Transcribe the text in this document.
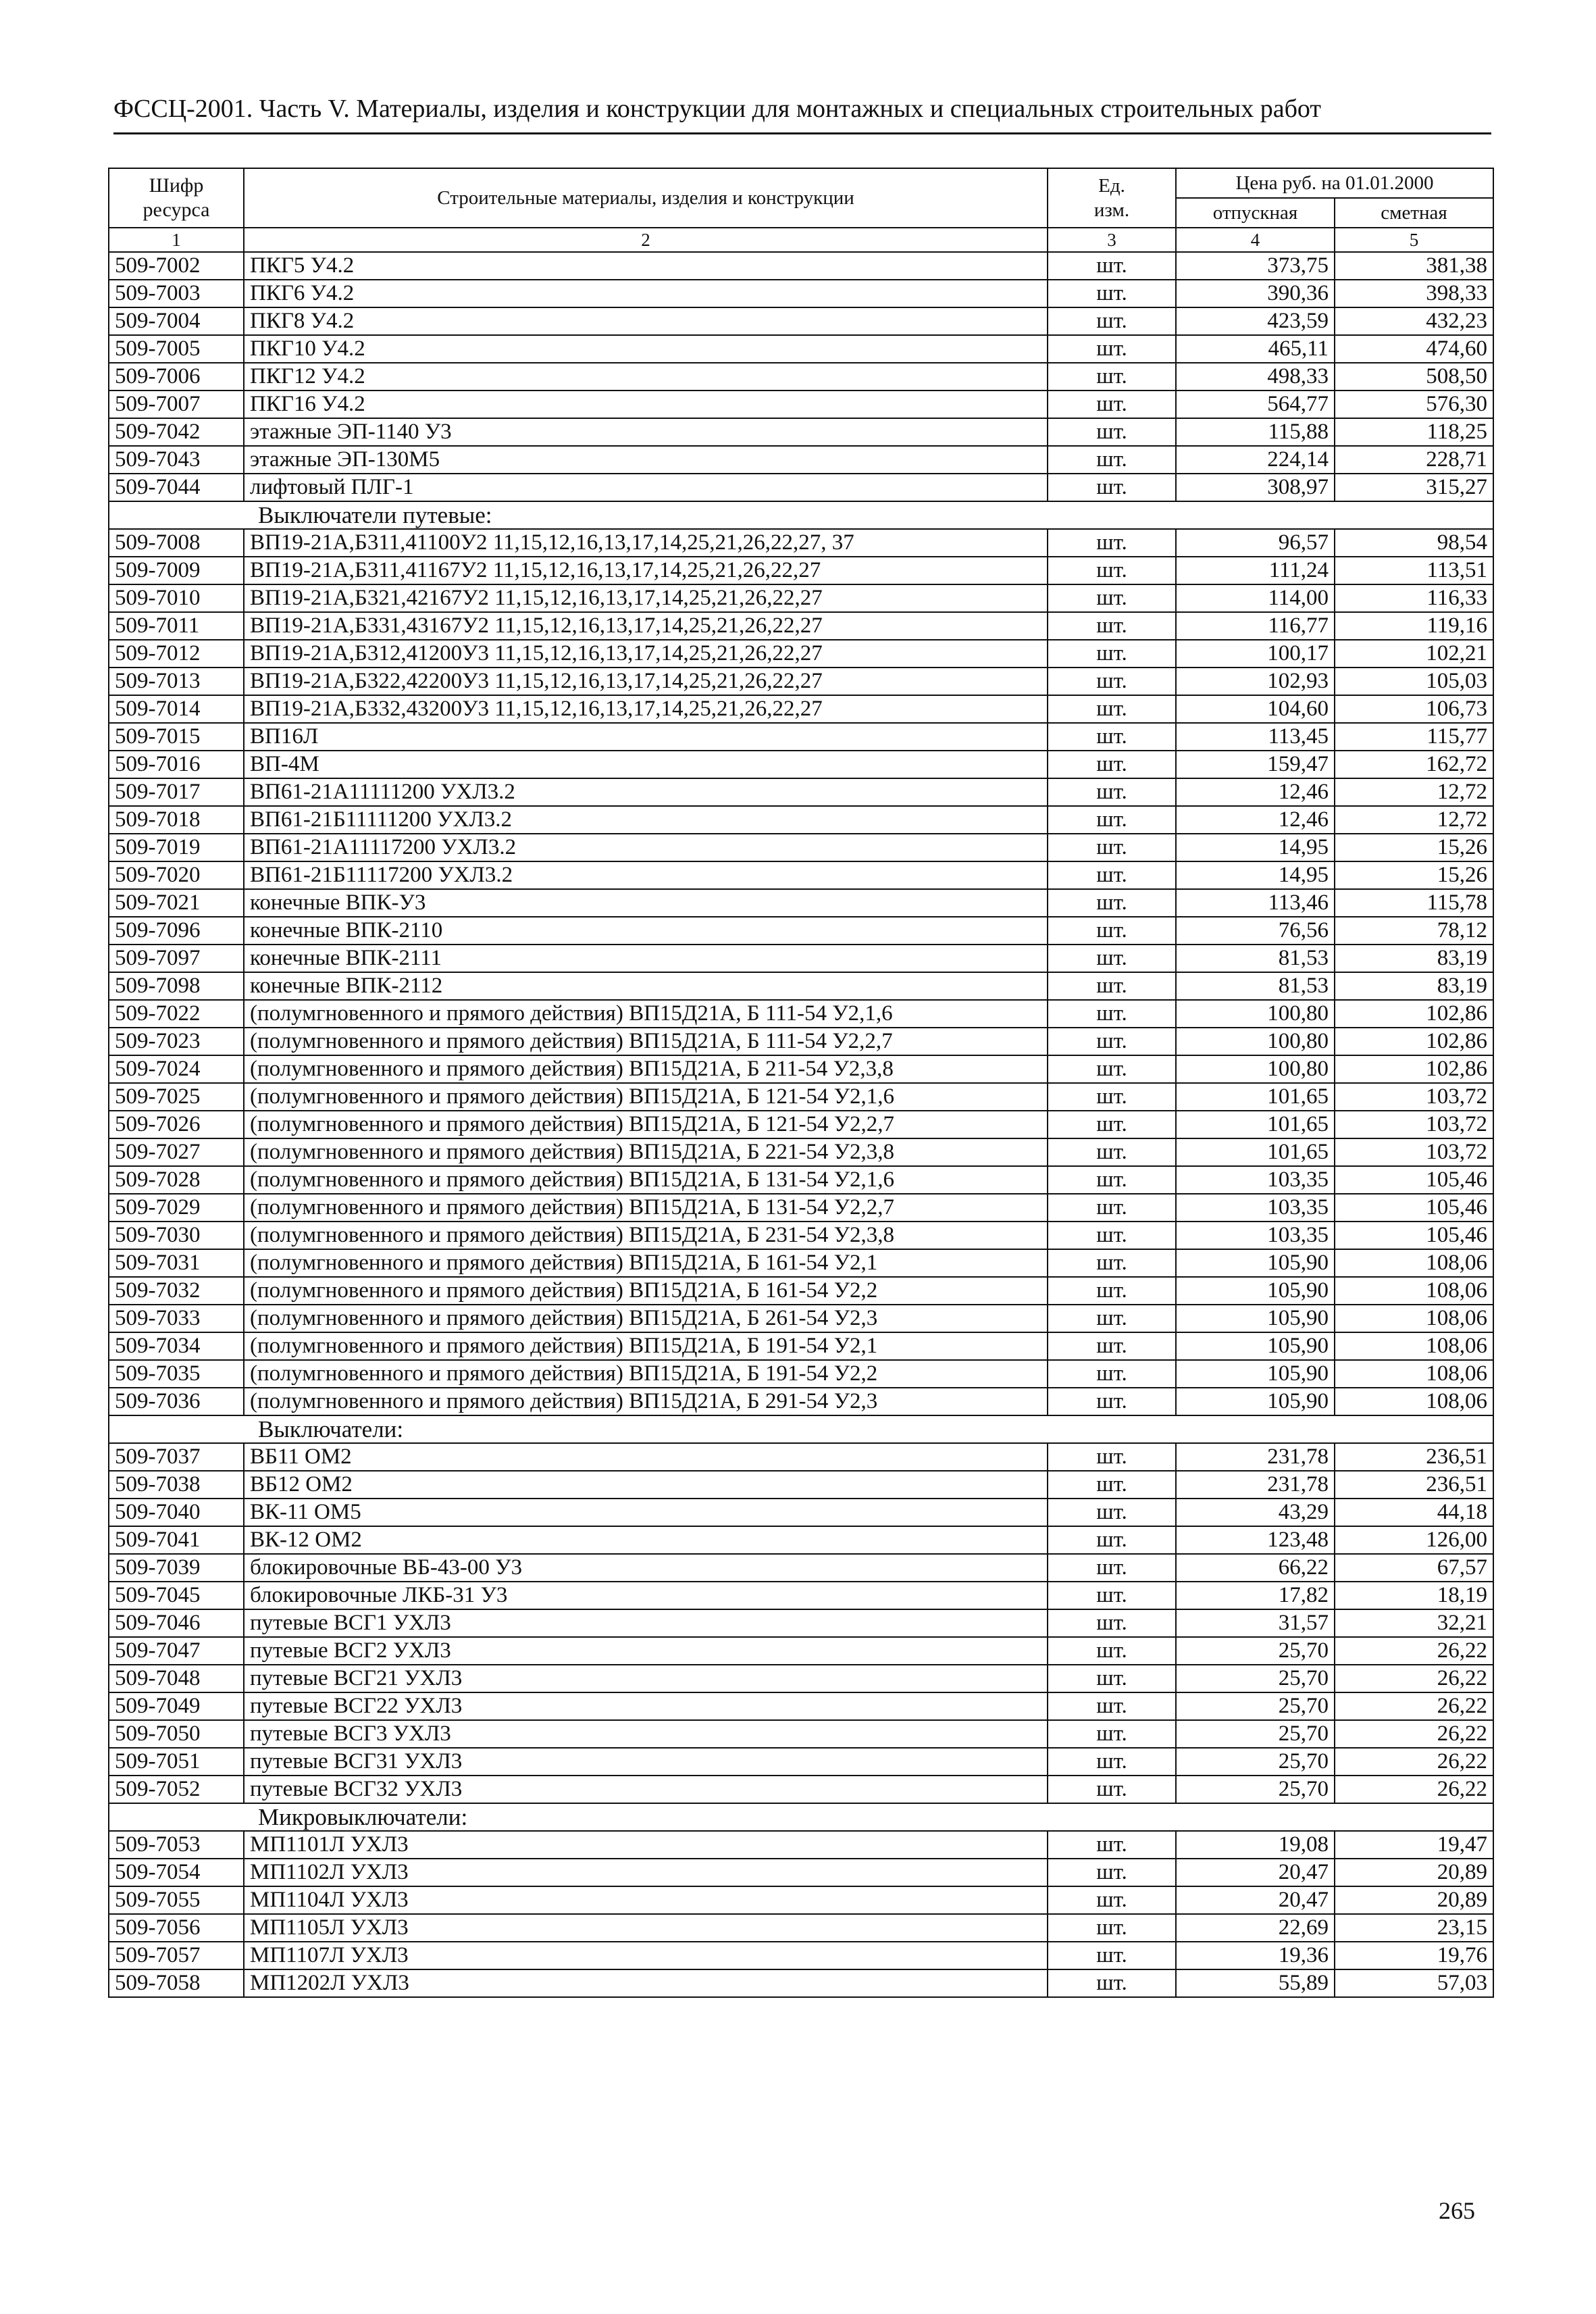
ФССЦ-2001. Часть V. Материалы, изделия и конструкции для монтажных и специальных строительных работ
Шифр ресурса	Строительные материалы, изделия и конструкции	Ед. изм.	Цена руб. на 01.01.2000	
			отпускная	сметная
1	2	3	4	5
509-7002	ПКГ5 У4.2	шт.	373,75	381,38
509-7003	ПКГ6 У4.2	шт.	390,36	398,33
509-7004	ПКГ8 У4.2	шт.	423,59	432,23
509-7005	ПКГ10 У4.2	шт.	465,11	474,60
509-7006	ПКГ12 У4.2	шт.	498,33	508,50
509-7007	ПКГ16 У4.2	шт.	564,77	576,30
509-7042	этажные ЭП-1140 У3	шт.	115,88	118,25
509-7043	этажные ЭП-130М5	шт.	224,14	228,71
509-7044	лифтовый ПЛГ-1	шт.	308,97	315,27
Выключатели путевые:				
509-7008	ВП19-21А,Б311,41100У2 11,15,12,16,13,17,14,25,21,26,22,27, 37	шт.	96,57	98,54
509-7009	ВП19-21А,Б311,41167У2 11,15,12,16,13,17,14,25,21,26,22,27	шт.	111,24	113,51
509-7010	ВП19-21А,Б321,42167У2 11,15,12,16,13,17,14,25,21,26,22,27	шт.	114,00	116,33
509-7011	ВП19-21А,Б331,43167У2 11,15,12,16,13,17,14,25,21,26,22,27	шт.	116,77	119,16
509-7012	ВП19-21А,Б312,41200У3 11,15,12,16,13,17,14,25,21,26,22,27	шт.	100,17	102,21
509-7013	ВП19-21А,Б322,42200У3 11,15,12,16,13,17,14,25,21,26,22,27	шт.	102,93	105,03
509-7014	ВП19-21А,Б332,43200У3 11,15,12,16,13,17,14,25,21,26,22,27	шт.	104,60	106,73
509-7015	ВП16Л	шт.	113,45	115,77
509-7016	ВП-4М	шт.	159,47	162,72
509-7017	ВП61-21А11111200 УХЛ3.2	шт.	12,46	12,72
509-7018	ВП61-21Б11111200 УХЛ3.2	шт.	12,46	12,72
509-7019	ВП61-21А11117200 УХЛ3.2	шт.	14,95	15,26
509-7020	ВП61-21Б11117200 УХЛ3.2	шт.	14,95	15,26
509-7021	конечные ВПК-У3	шт.	113,46	115,78
509-7096	конечные ВПК-2110	шт.	76,56	78,12
509-7097	конечные ВПК-2111	шт.	81,53	83,19
509-7098	конечные ВПК-2112	шт.	81,53	83,19
509-7022	(полумгновенного и прямого действия) ВП15Д21А, Б 111-54 У2,1,6	шт.	100,80	102,86
509-7023	(полумгновенного и прямого действия) ВП15Д21А, Б 111-54 У2,2,7	шт.	100,80	102,86
509-7024	(полумгновенного и прямого действия) ВП15Д21А, Б 211-54 У2,3,8	шт.	100,80	102,86
509-7025	(полумгновенного и прямого действия) ВП15Д21А, Б 121-54 У2,1,6	шт.	101,65	103,72
509-7026	(полумгновенного и прямого действия) ВП15Д21А, Б 121-54 У2,2,7	шт.	101,65	103,72
509-7027	(полумгновенного и прямого действия) ВП15Д21А, Б 221-54 У2,3,8	шт.	101,65	103,72
509-7028	(полумгновенного и прямого действия) ВП15Д21А, Б 131-54 У2,1,6	шт.	103,35	105,46
509-7029	(полумгновенного и прямого действия) ВП15Д21А, Б 131-54 У2,2,7	шт.	103,35	105,46
509-7030	(полумгновенного и прямого действия) ВП15Д21А, Б 231-54 У2,3,8	шт.	103,35	105,46
509-7031	(полумгновенного и прямого действия) ВП15Д21А, Б 161-54 У2,1	шт.	105,90	108,06
509-7032	(полумгновенного и прямого действия) ВП15Д21А, Б 161-54 У2,2	шт.	105,90	108,06
509-7033	(полумгновенного и прямого действия) ВП15Д21А, Б 261-54 У2,3	шт.	105,90	108,06
509-7034	(полумгновенного и прямого действия) ВП15Д21А, Б 191-54 У2,1	шт.	105,90	108,06
509-7035	(полумгновенного и прямого действия) ВП15Д21А, Б 191-54 У2,2	шт.	105,90	108,06
509-7036	(полумгновенного и прямого действия) ВП15Д21А, Б 291-54 У2,3	шт.	105,90	108,06
Выключатели:				
509-7037	ВБ11 ОМ2	шт.	231,78	236,51
509-7038	ВБ12 ОМ2	шт.	231,78	236,51
509-7040	ВК-11 ОМ5	шт.	43,29	44,18
509-7041	ВК-12 ОМ2	шт.	123,48	126,00
509-7039	блокировочные ВБ-43-00 У3	шт.	66,22	67,57
509-7045	блокировочные ЛКБ-31 У3	шт.	17,82	18,19
509-7046	путевые ВСГ1 УХЛ3	шт.	31,57	32,21
509-7047	путевые ВСГ2 УХЛ3	шт.	25,70	26,22
509-7048	путевые ВСГ21 УХЛ3	шт.	25,70	26,22
509-7049	путевые ВСГ22 УХЛ3	шт.	25,70	26,22
509-7050	путевые ВСГ3 УХЛ3	шт.	25,70	26,22
509-7051	путевые ВСГ31 УХЛ3	шт.	25,70	26,22
509-7052	путевые ВСГ32 УХЛ3	шт.	25,70	26,22
Микровыключатели:				
509-7053	МП1101Л УХЛ3	шт.	19,08	19,47
509-7054	МП1102Л УХЛ3	шт.	20,47	20,89
509-7055	МП1104Л УХЛ3	шт.	20,47	20,89
509-7056	МП1105Л УХЛ3	шт.	22,69	23,15
509-7057	МП1107Л УХЛ3	шт.	19,36	19,76
509-7058	МП1202Л УХЛ3	шт.	55,89	57,03
265
